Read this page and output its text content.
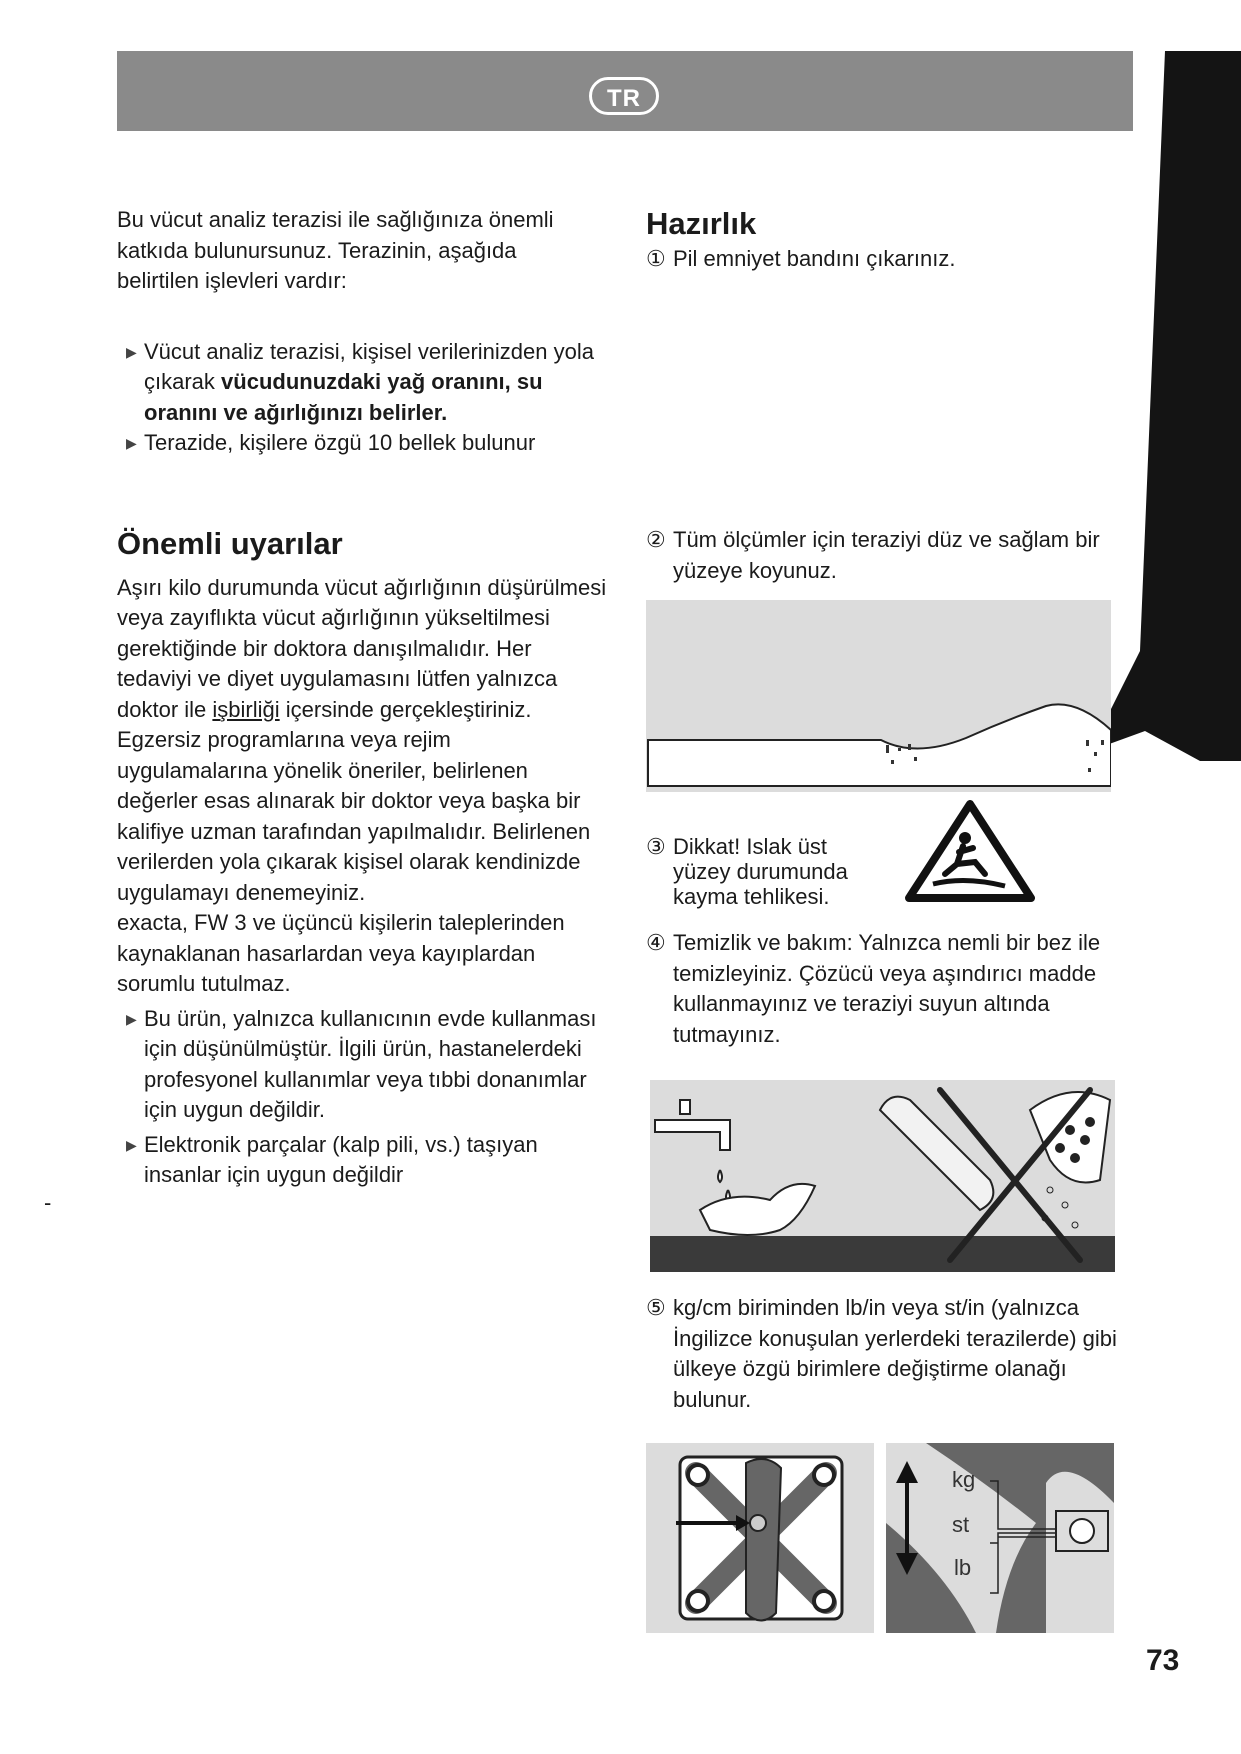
TR

Bu vücut analiz terazisi ile sağlığınıza önemli katkıda bulunursunuz. Terazinin, aşağıda belirtilen işlevleri vardır:

▶ Vücut analiz terazisi, kişisel verilerinizden yola çıkarak vücudunuzdaki yağ oranını, su oranını ve ağırlığınızı belirler.
▶ Terazide, kişilere özgü 10 bellek bulunur
Önemli uyarılar

Aşırı kilo durumunda vücut ağırlığının düşürülmesi veya zayıflıkta vücut ağırlığının yükseltilmesi gerektiğinde bir doktora danışılmalıdır. Her tedaviyi ve diyet uygulamasını lütfen yalnızca doktor ile işbirliği içersinde gerçekleştiriniz.

Egzersiz programlarına veya rejim uygulamalarına yönelik öneriler, belirlenen değerler esas alınarak bir doktor veya başka bir kalifiye uzman tarafından yapılmalıdır. Belirlenen verilerden yola çıkarak kişisel olarak kendinizde uygulamayı denemeyiniz.

exacta, FW 3 ve üçüncü kişilerin taleplerinden kaynaklanan hasarlardan veya kayıplardan sorumlu tutulmaz.

▶ Bu ürün, yalnızca kullanıcının evde kullanması için düşünülmüştür. İlgili ürün, hastanelerdeki profesyonel kullanımlar veya tıbbi donanımlar için uygun değildir.
▶ Elektronik parçalar (kalp pili, vs.) taşıyan insanlar için uygun değildir
-
Hazırlık
① Pil emniyet bandını çıkarınız.
② Tüm ölçümler için teraziyi düz ve sağlam bir yüzeye koyunuz.
③ Dikkat! Islak üst yüzey durumunda kayma tehlikesi.
④ Temizlik ve bakım: Yalnızca nemli bir bez ile temizleyiniz. Çözücü veya aşındırıcı madde kullanmayınız ve teraziyi suyun altında tutmayınız.
⑤ kg/cm biriminden lb/in veya st/in (yalnızca İngilizce konuşulan yerlerdeki terazilerde) gibi ülkeye özgü birimlere değiştirme olanağı bulunur.
kg
st
lb
73
